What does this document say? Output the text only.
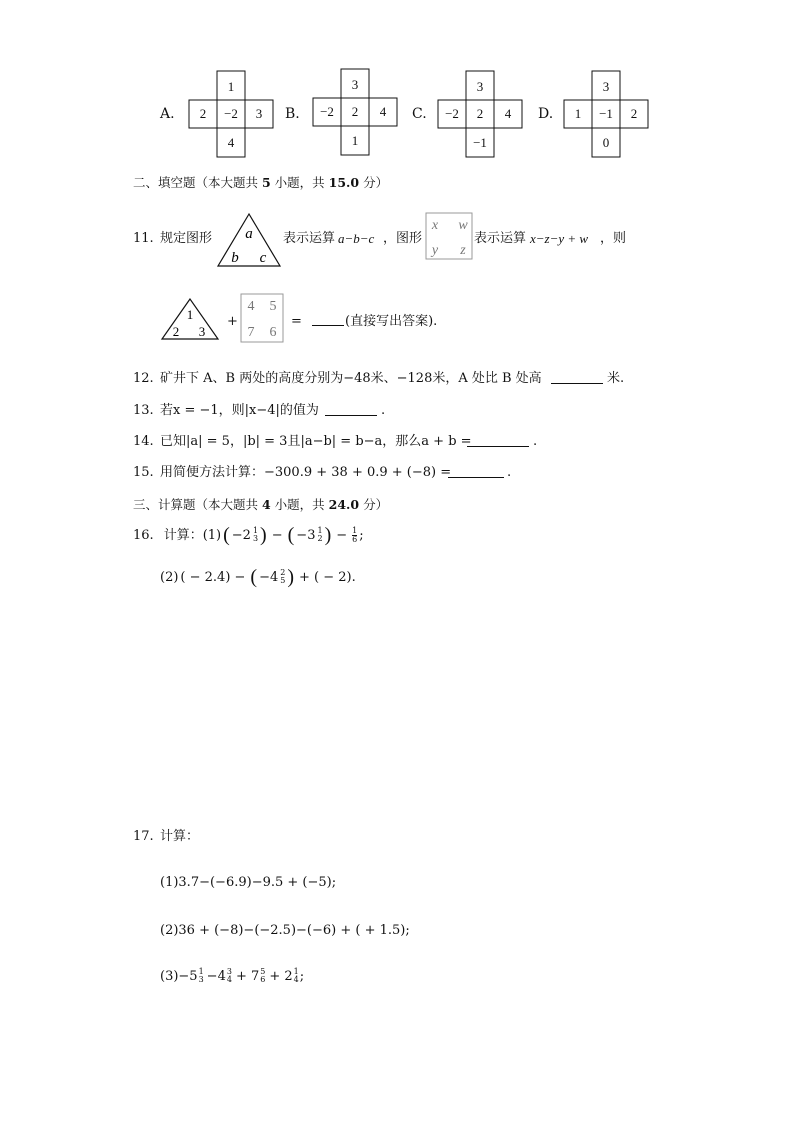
A.
1
2 −2 3
4
B.
3
−2 2 4
1
C.
3
−2 2 4
−1
D.
3
1 −1 2
0
二、填空题（本大题共 5 小题，共 15.0 分）
11. 规定图形 a
b c
表示运算 a−b−c ，图形
x w
y z
表示运算 x−z−y + w ，则
1
2 3
+
4 5
7 6
=	(直接写出答案).
12. 矿井下 A、B 两处的高度分别为−48米、−128米，A 处比 B 处高	米.
13. 若x = −1，则|x−4|的值为	.
14. 已知|a| = 5，|b| = 3且|a−b| = b−a，那么a + b =	.
15. 用简便方法计算：−300.9 + 38 + 0.9 + (−8) =	.
三、计算题（本大题共 4 小题，共 24.0 分）
16. 计算：(1) ( −2 1
3 ) − ( −3 1
2 ) − $\frac{1}{6}$ ;
(2) ( − 2.4) − ( −4 2
5 ) + ( − 2).
17. 计算：
(1)3.7−(−6.9)−9.5 + (−5);
(2)36 + (−8)−(−2.5)−(−6) + ( + 1.5);
(3)−5 1
3 −4 3
4 + 7 5
6 + 2 1
4 ;
